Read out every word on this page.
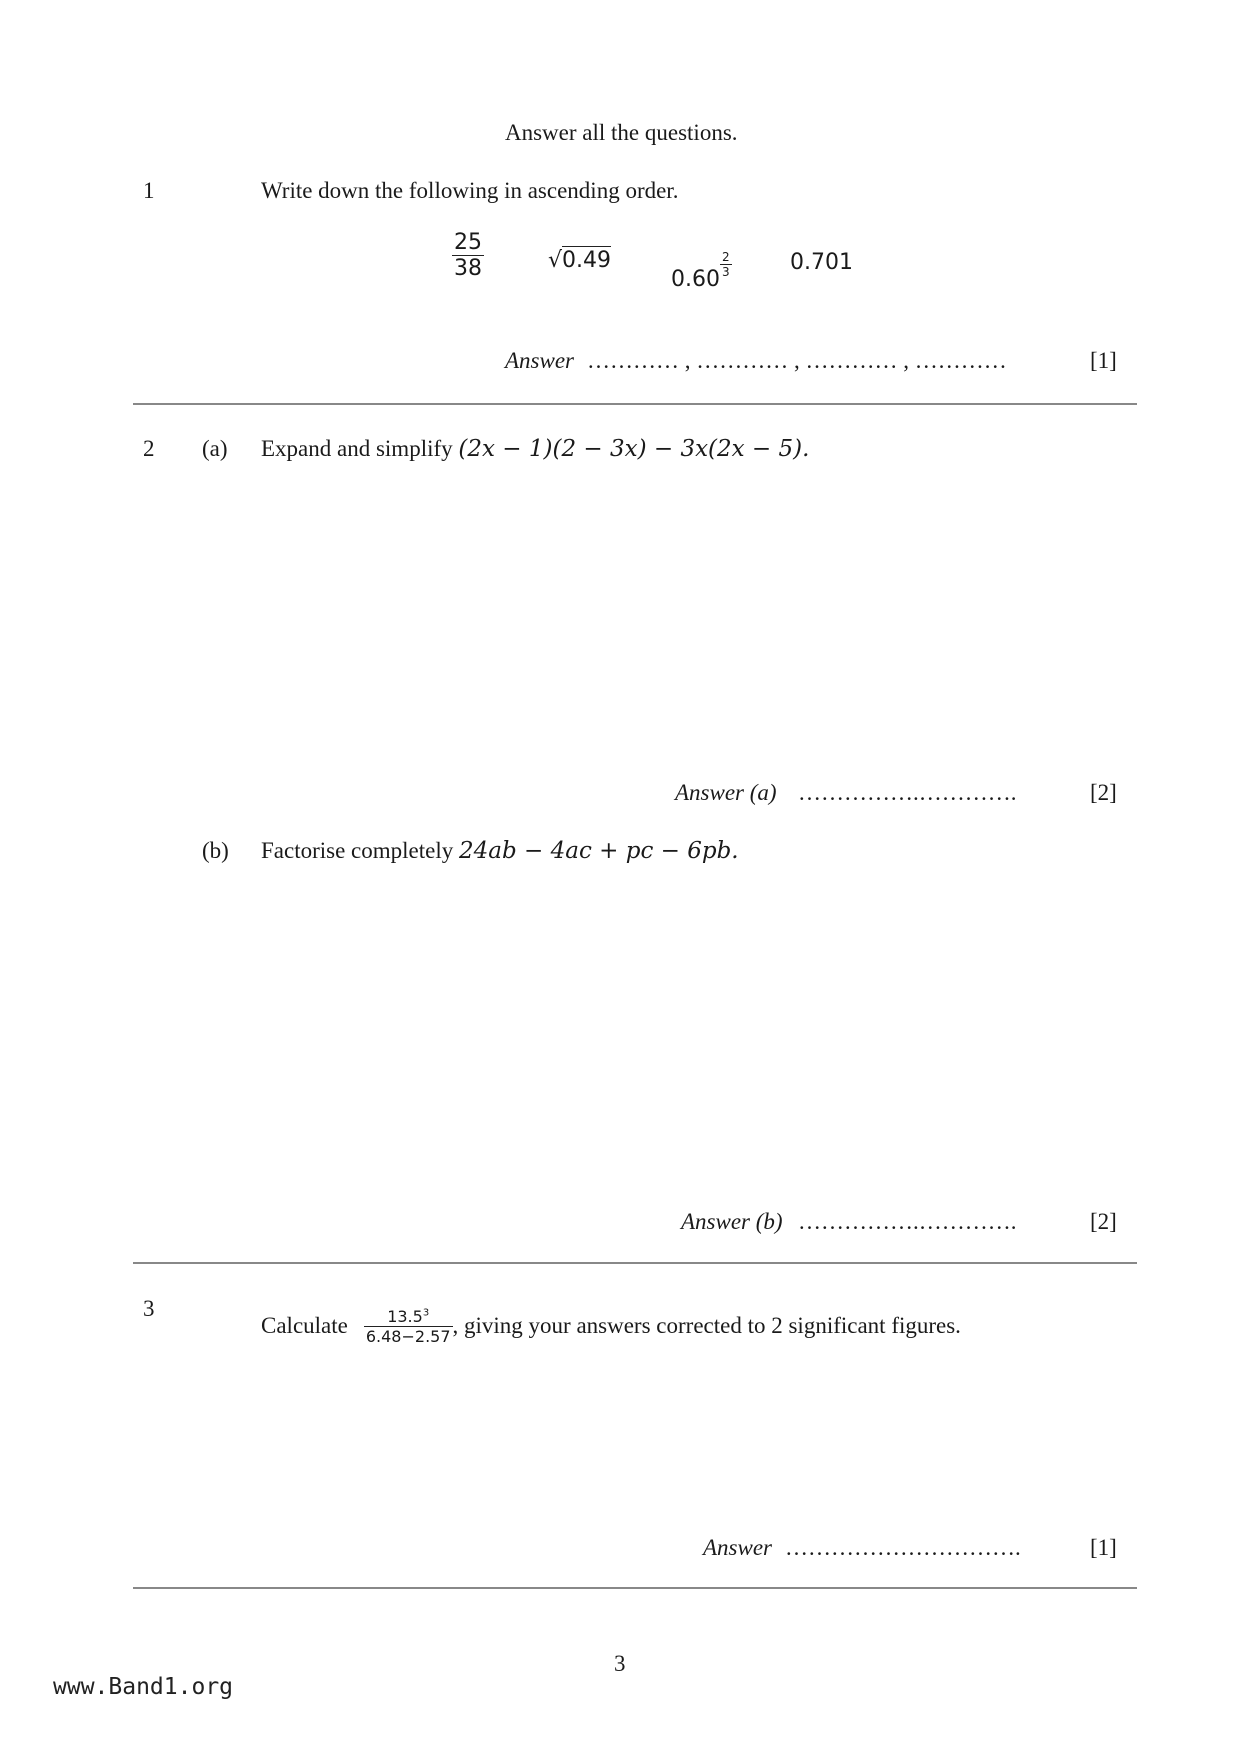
Answer all the questions.
1	Write down the following in ascending order.
$\frac{25}{38}$	√0.49
0.60
$\frac{2}{3}$	0.701
Answer ………… , ………… , ………… , …………	[1]
2 (a) Expand and simplify (2x − 1)(2 − 3x) − 3x(2x − 5).
Answer (a) …………….………….	[2]
(b) Factorise completely 24ab − 4ac + pc − 6pb.
Answer (b) …………….………….	[2]
3
Calculate $\frac{13.5^3}{6.48-2.57}$ , giving your answers corrected to 2 significant figures.
Answer ………………………….	[1]
3
www.Band1.org
